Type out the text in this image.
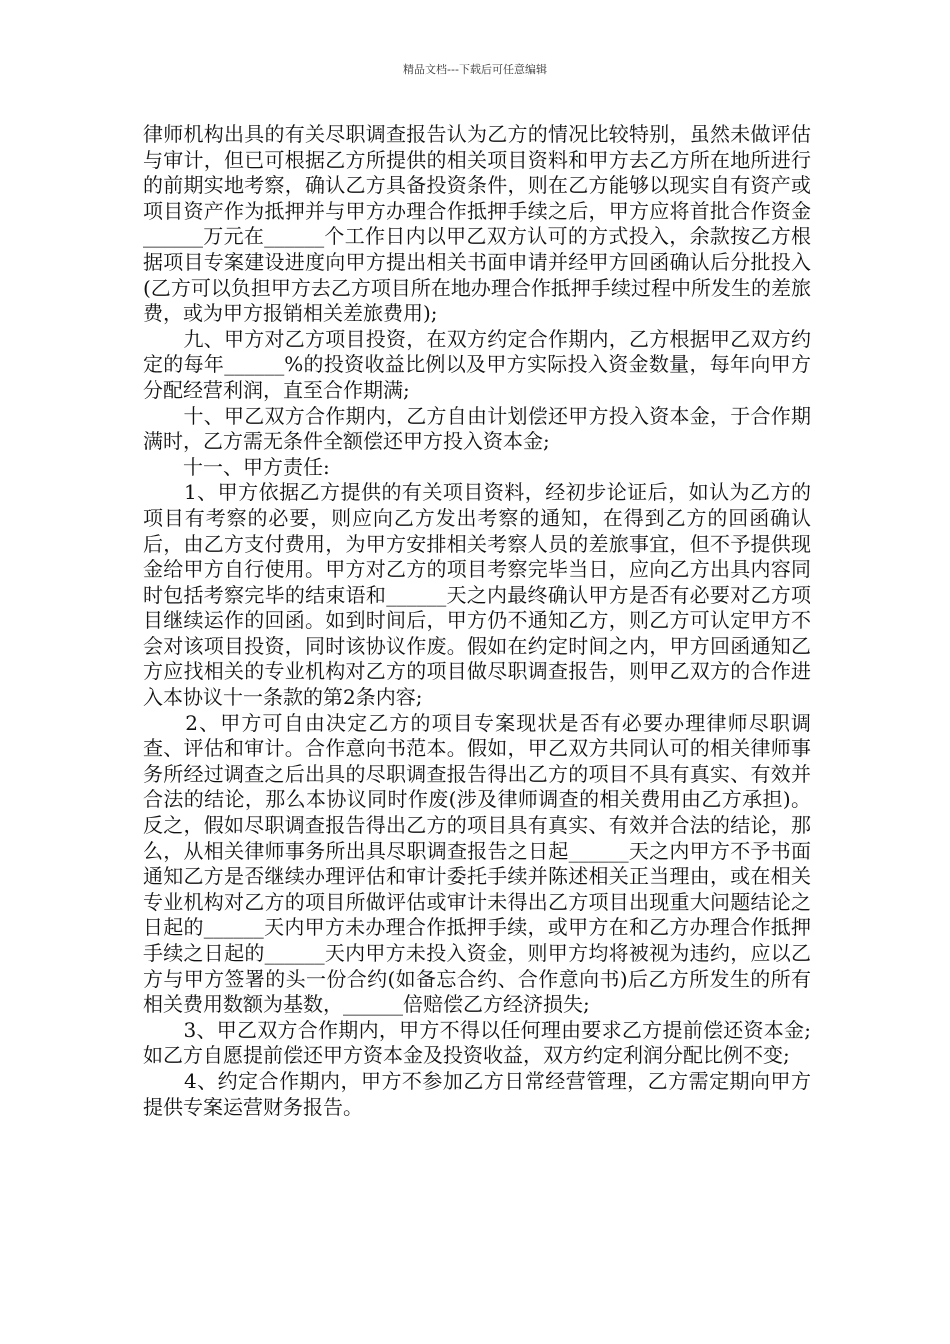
精品文档---下载后可任意编辑

律师机构出具的有关尽职调查报告认为乙方的情况比较特别，虽然未做评估与审计，但已可根据乙方所提供的相关项目资料和甲方去乙方所在地所进行的前期实地考察，确认乙方具备投资条件，则在乙方能够以现实自有资产或项目资产作为抵押并与甲方办理合作抵押手续之后，甲方应将首批合作资金______万元在______个工作日内以甲乙双方认可的方式投入，余款按乙方根据项目专案建设进度向甲方提出相关书面申请并经甲方回函确认后分批投入(乙方可以负担甲方去乙方项目所在地办理合作抵押手续过程中所发生的差旅费，或为甲方报销相关差旅费用);

　　九、甲方对乙方项目投资，在双方约定合作期内，乙方根据甲乙双方约定的每年______%的投资收益比例以及甲方实际投入资金数量，每年向甲方分配经营利润，直至合作期满;

　　十、甲乙双方合作期内，乙方自由计划偿还甲方投入资本金，于合作期满时，乙方需无条件全额偿还甲方投入资本金;

　　十一、甲方责任:

　　1、甲方依据乙方提供的有关项目资料，经初步论证后，如认为乙方的项目有考察的必要，则应向乙方发出考察的通知，在得到乙方的回函确认后，由乙方支付费用，为甲方安排相关考察人员的差旅事宜，但不予提供现金给甲方自行使用。甲方对乙方的项目考察完毕当日，应向乙方出具内容同时包括考察完毕的结束语和______天之内最终确认甲方是否有必要对乙方项目继续运作的回函。如到时间后，甲方仍不通知乙方，则乙方可认定甲方不会对该项目投资，同时该协议作废。假如在约定时间之内，甲方回函通知乙方应找相关的专业机构对乙方的项目做尽职调查报告，则甲乙双方的合作进入本协议十一条款的第2条内容;

　　2、甲方可自由决定乙方的项目专案现状是否有必要办理律师尽职调查、评估和审计。合作意向书范本。假如，甲乙双方共同认可的相关律师事务所经过调查之后出具的尽职调查报告得出乙方的项目不具有真实、有效并合法的结论，那么本协议同时作废(涉及律师调查的相关费用由乙方承担)。反之，假如尽职调查报告得出乙方的项目具有真实、有效并合法的结论，那么，从相关律师事务所出具尽职调查报告之日起______天之内甲方不予书面通知乙方是否继续办理评估和审计委托手续并陈述相关正当理由，或在相关专业机构对乙方的项目所做评估或审计未得出乙方项目出现重大问题结论之日起的______天内甲方未办理合作抵押手续，或甲方在和乙方办理合作抵押手续之日起的______天内甲方未投入资金，则甲方均将被视为违约，应以乙方与甲方签署的头一份合约(如备忘合约、合作意向书)后乙方所发生的所有相关费用数额为基数，______倍赔偿乙方经济损失;

　　3、甲乙双方合作期内，甲方不得以任何理由要求乙方提前偿还资本金;如乙方自愿提前偿还甲方资本金及投资收益，双方约定利润分配比例不变;

　　4、约定合作期内，甲方不参加乙方日常经营管理，乙方需定期向甲方提供专案运营财务报告。
